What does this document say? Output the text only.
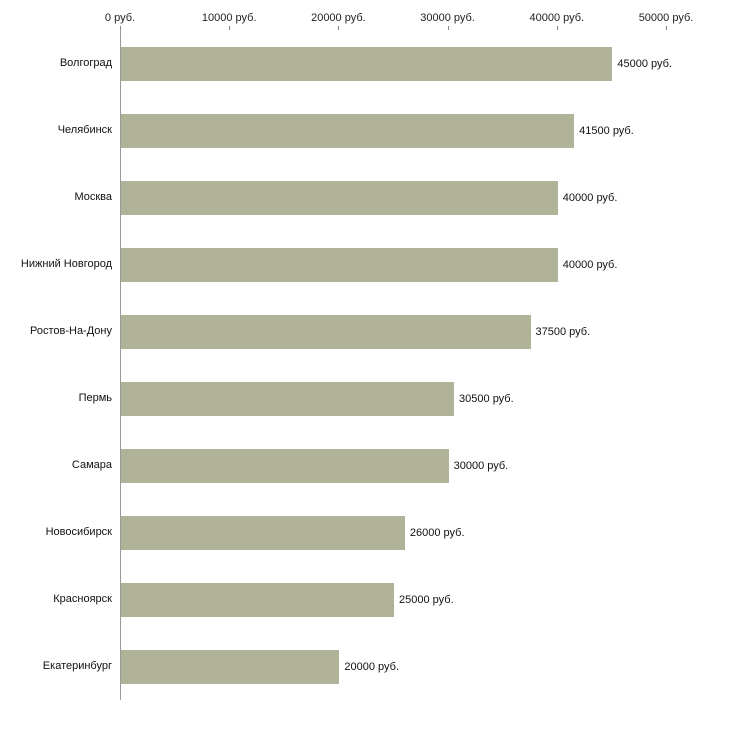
0 руб.	10000 руб.	20000 руб.	30000 руб.	40000 руб.	50000 руб.
Волгоград	45000 руб.
Челябинск	41500 руб.
Москва	40000 руб.
Нижний Новгород	40000 руб.
Ростов-На-Дону	37500 руб.
Пермь	30500 руб.
Самара	30000 руб.
Новосибирск	26000 руб.
Красноярск	25000 руб.
Екатеринбург	20000 руб.
